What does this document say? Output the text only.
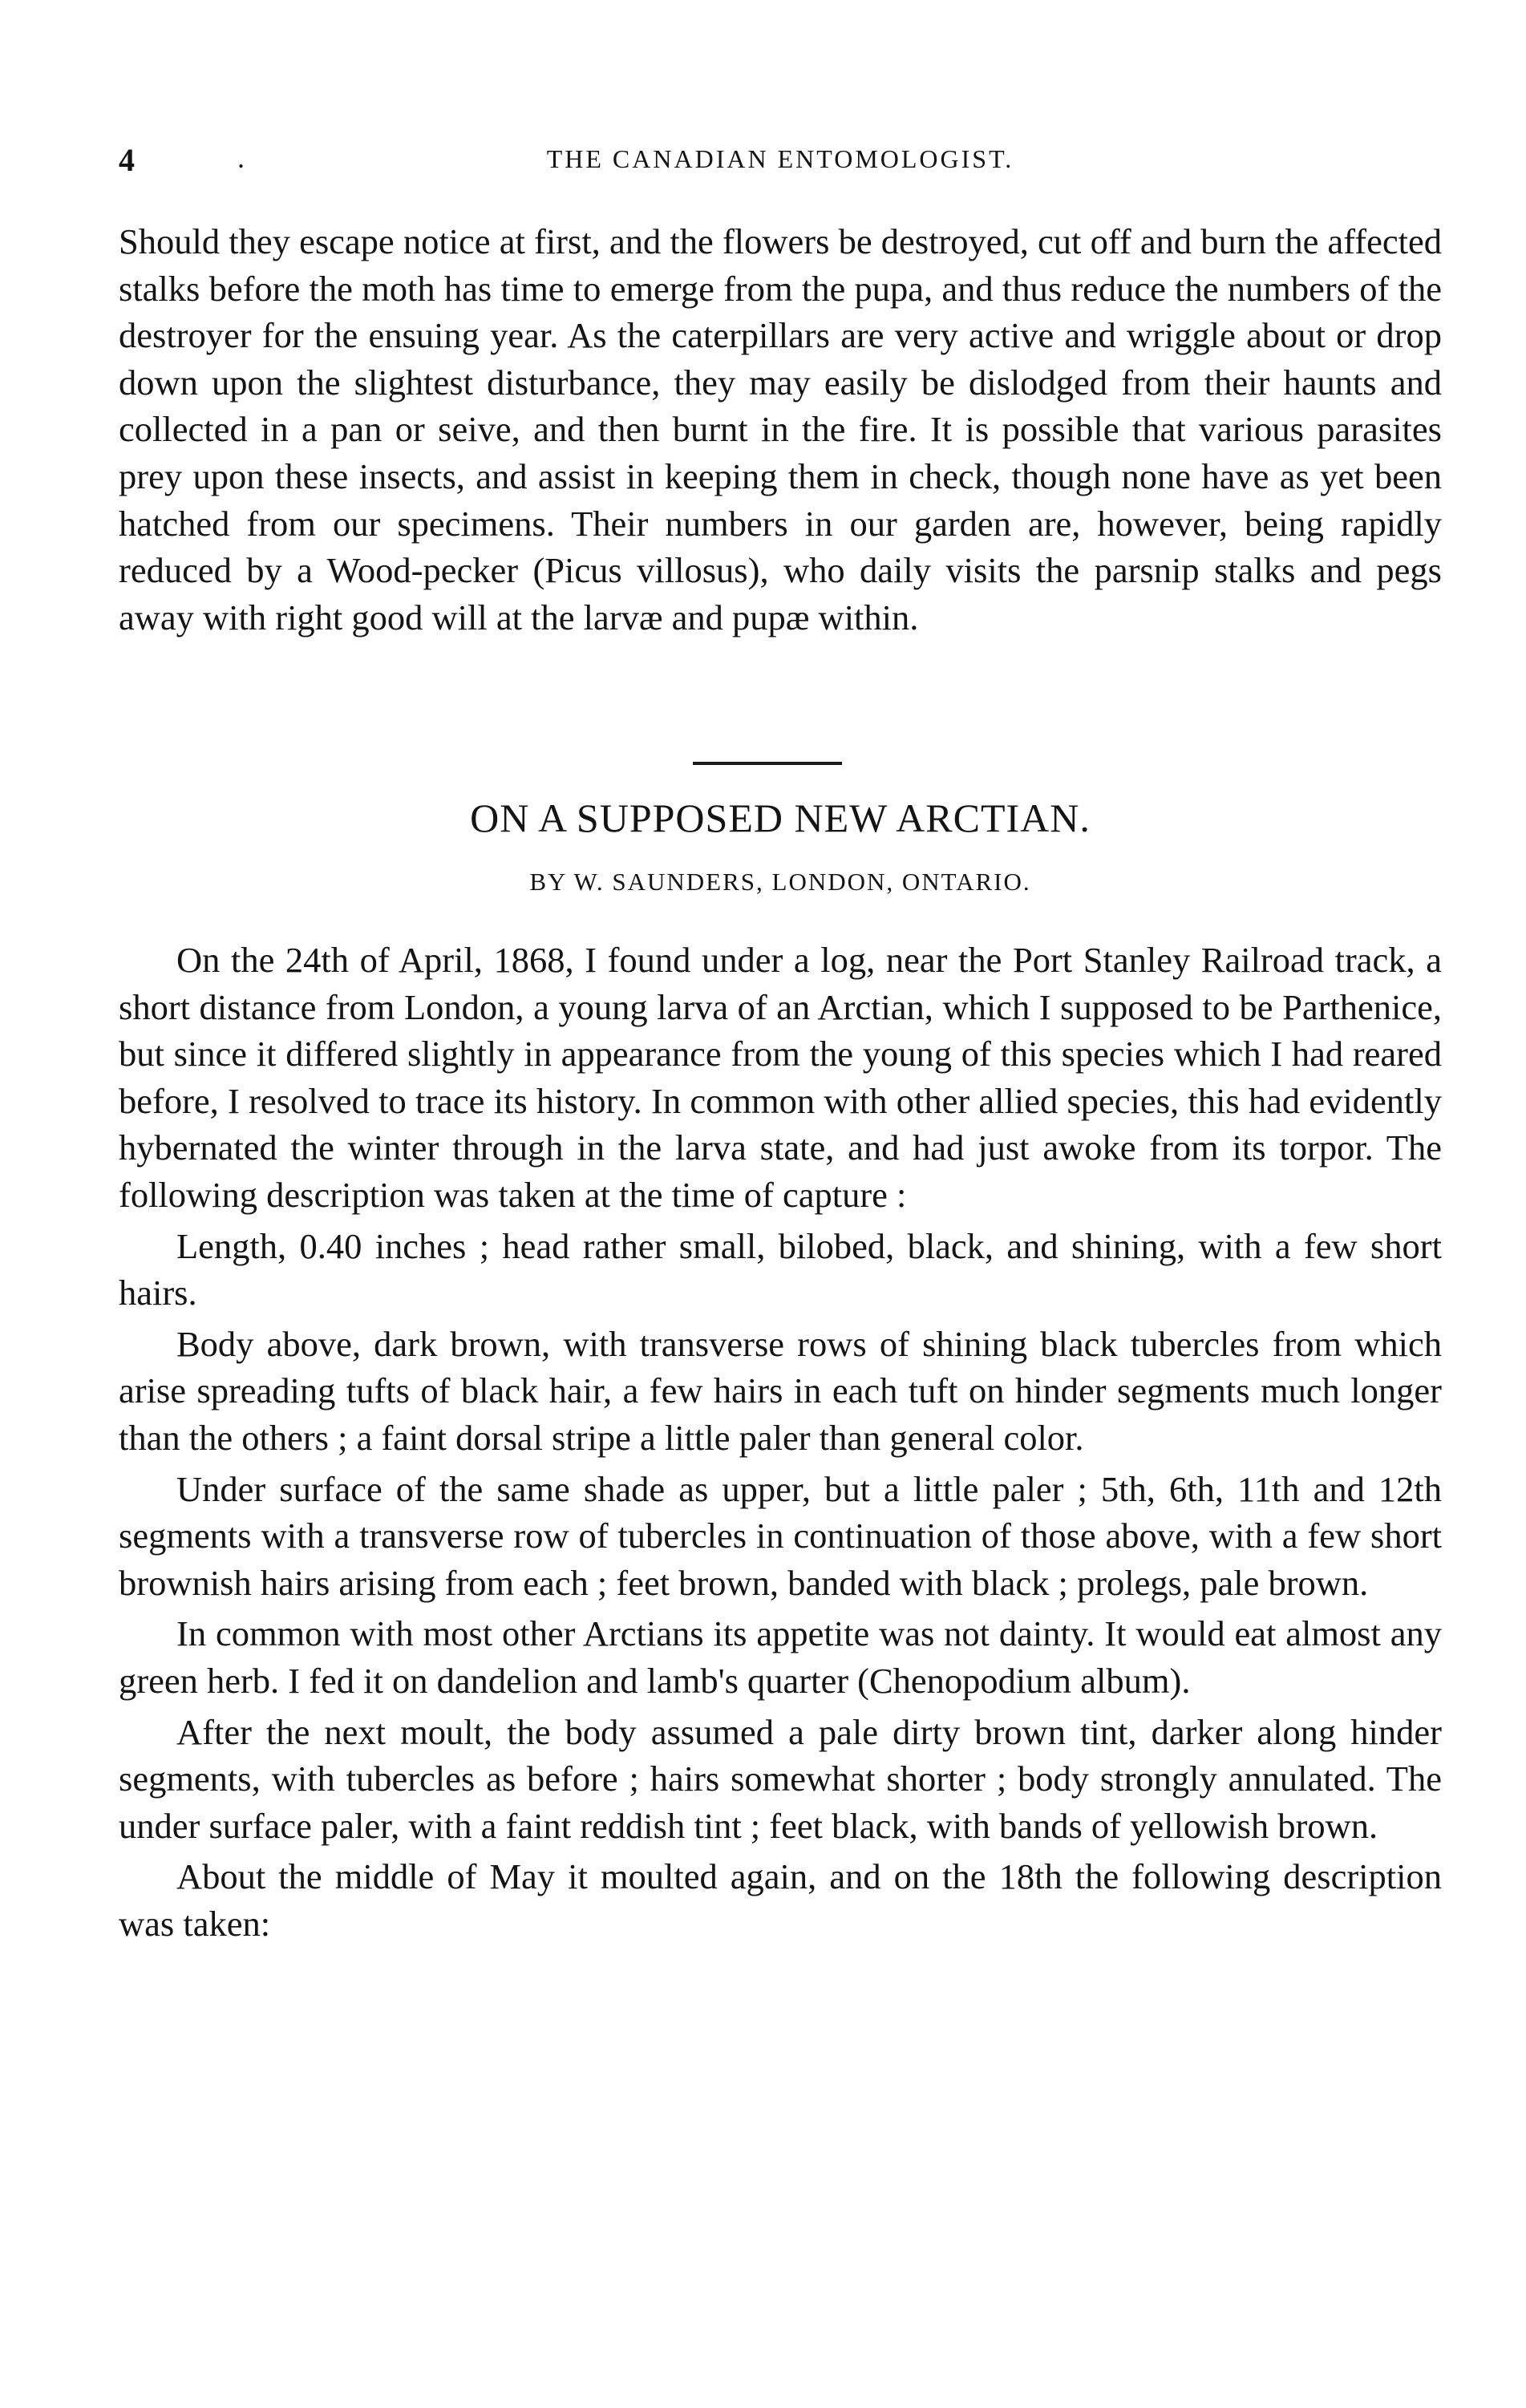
4	.	THE CANADIAN ENTOMOLOGIST.

Should they escape notice at first, and the flowers be destroyed, cut off and burn the affected stalks before the moth has time to emerge from the pupa, and thus reduce the numbers of the destroyer for the ensuing year. As the caterpillars are very active and wriggle about or drop down upon the slightest disturbance, they may easily be dislodged from their haunts and collected in a pan or seive, and then burnt in the fire. It is possible that various parasites prey upon these insects, and assist in keeping them in check, though none have as yet been hatched from our specimens. Their numbers in our garden are, however, being rapidly reduced by a Wood-pecker (Picus villosus), who daily visits the parsnip stalks and pegs away with right good will at the larvæ and pupæ within.

ON A SUPPOSED NEW ARCTIAN.
BY W. SAUNDERS, LONDON, ONTARIO.

On the 24th of April, 1868, I found under a log, near the Port Stanley Railroad track, a short distance from London, a young larva of an Arctian, which I supposed to be Parthenice, but since it differed slightly in appearance from the young of this species which I had reared before, I resolved to trace its history. In common with other allied species, this had evidently hybernated the winter through in the larva state, and had just awoke from its torpor. The following description was taken at the time of capture :

Length, 0.40 inches ; head rather small, bilobed, black, and shining, with a few short hairs.

Body above, dark brown, with transverse rows of shining black tubercles from which arise spreading tufts of black hair, a few hairs in each tuft on hinder segments much longer than the others ; a faint dorsal stripe a little paler than general color.

Under surface of the same shade as upper, but a little paler ; 5th, 6th, 11th and 12th segments with a transverse row of tubercles in continuation of those above, with a few short brownish hairs arising from each ; feet brown, banded with black ; prolegs, pale brown.

In common with most other Arctians its appetite was not dainty. It would eat almost any green herb. I fed it on dandelion and lamb's quarter (Chenopodium album).

After the next moult, the body assumed a pale dirty brown tint, darker along hinder segments, with tubercles as before ; hairs somewhat shorter ; body strongly annulated. The under surface paler, with a faint reddish tint ; feet black, with bands of yellowish brown.

About the middle of May it moulted again, and on the 18th the following description was taken:
